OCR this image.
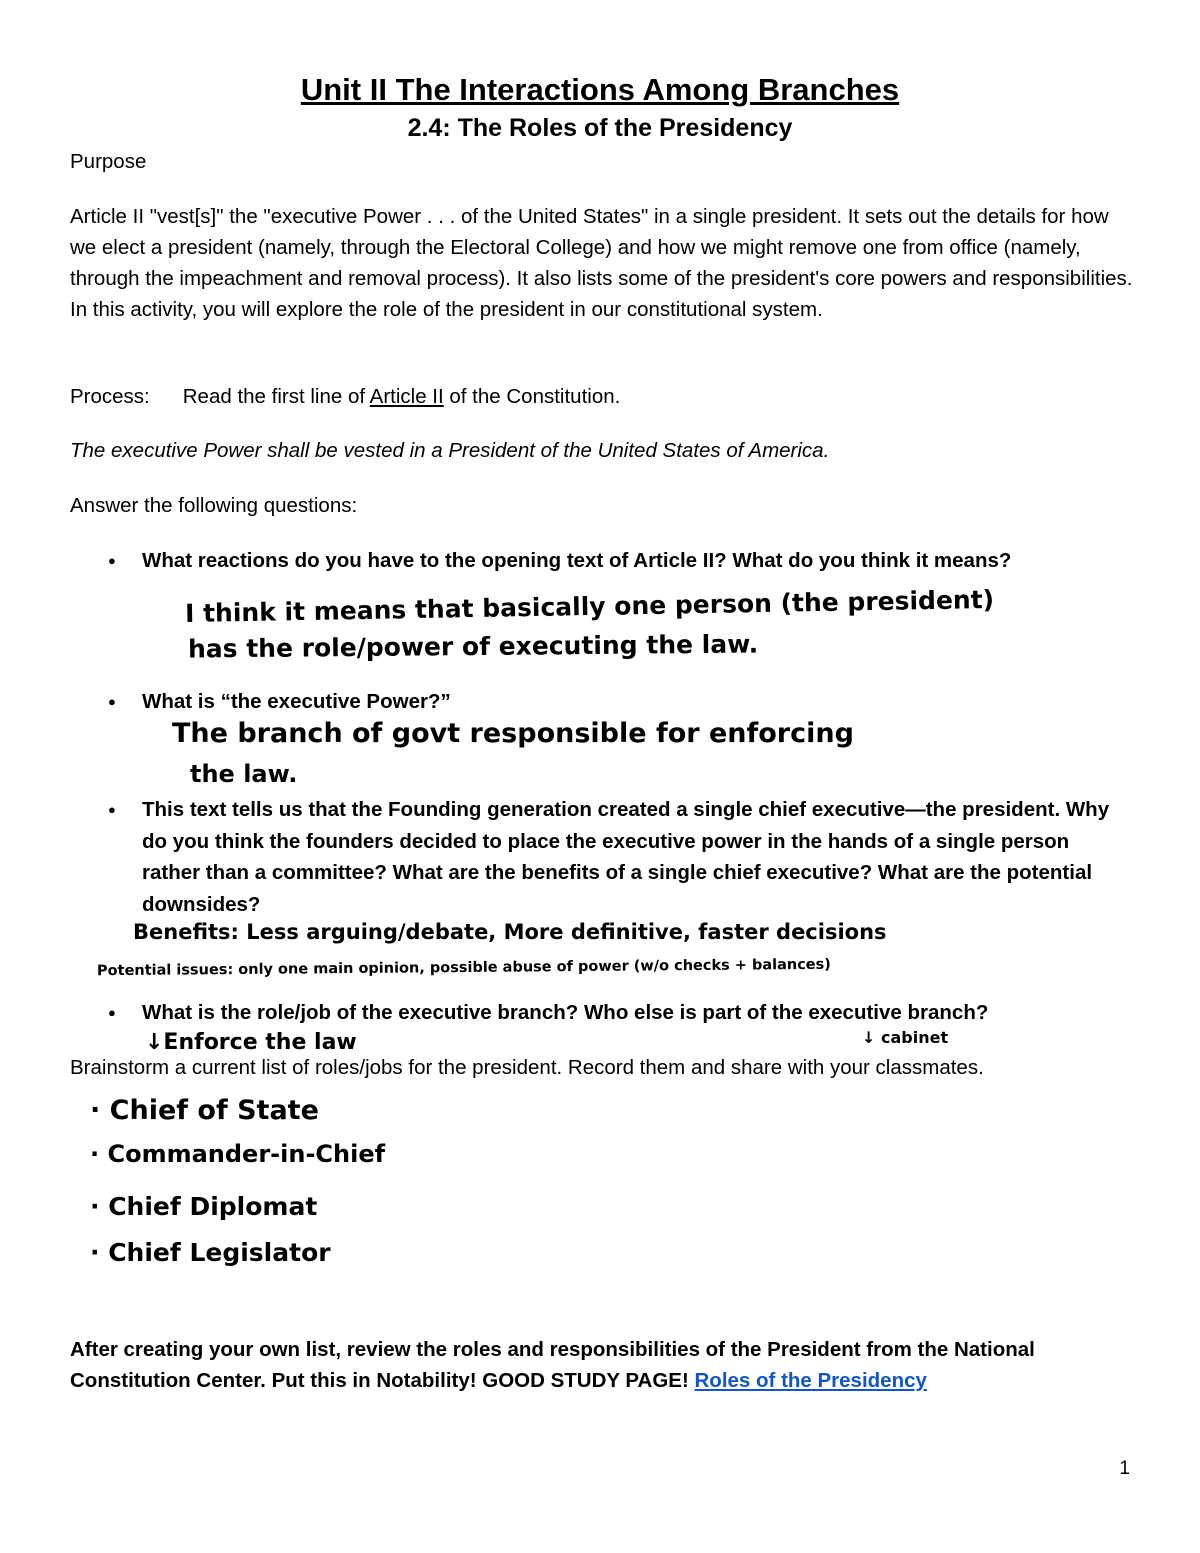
Unit II The Interactions Among Branches
2.4: The Roles of the Presidency
Purpose
Article II "vest[s]" the "executive Power . . . of the United States" in a single president. It sets out the details for how we elect a president (namely, through the Electoral College) and how we might remove one from office (namely, through the impeachment and removal process). It also lists some of the president's core powers and responsibilities. In this activity, you will explore the role of the president in our constitutional system.
Process: Read the first line of Article II of the Constitution.
The executive Power shall be vested in a President of the United States of America.
Answer the following questions:
● What reactions do you have to the opening text of Article II? What do you think it means?
I think it means that basically one person (the president)
has the role/power of executing the law.
● What is “the executive Power?”
The branch of govt responsible for enforcing
the law.
● This text tells us that the Founding generation created a single chief executive—the president. Why do you think the founders decided to place the executive power in the hands of a single person rather than a committee? What are the benefits of a single chief executive? What are the potential downsides?
Benefits: Less arguing/debate, More definitive, faster decisions
Potential issues: only one main opinion, possible abuse of power (w/o checks + balances)
● What is the role/job of the executive branch? Who else is part of the executive branch?
↓Enforce the law	↓ cabinet
Brainstorm a current list of roles/jobs for the president. Record them and share with your classmates.
· Chief of State
· Commander-in-Chief
· Chief Diplomat
· Chief Legislator
After creating your own list, review the roles and responsibilities of the President from the National Constitution Center. Put this in Notability! GOOD STUDY PAGE! Roles of the Presidency
1
